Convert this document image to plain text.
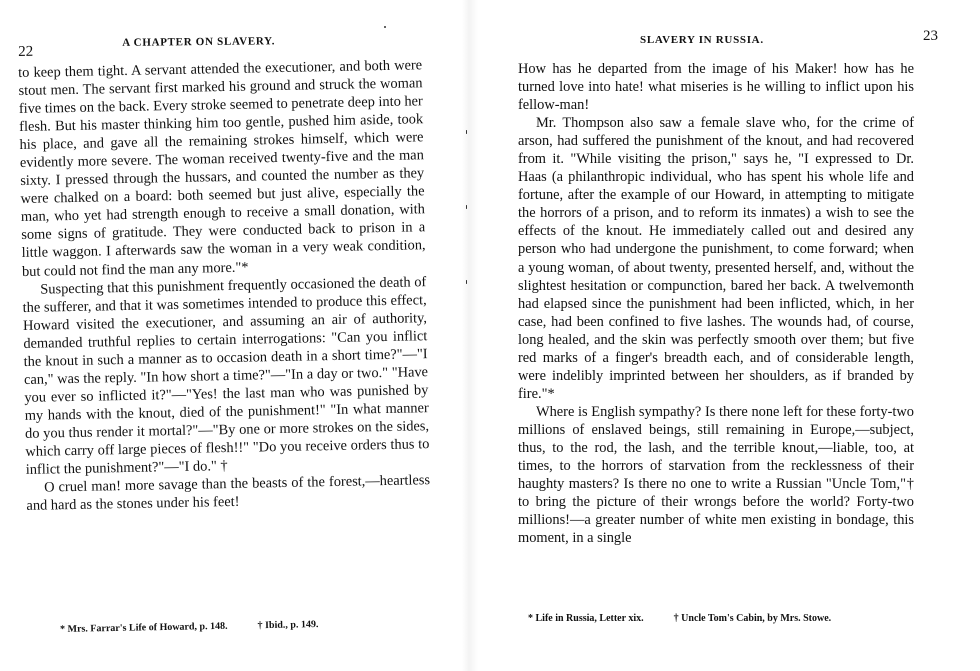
22
A CHAPTER ON SLAVERY.

to keep them tight. A servant attended the executioner, and both were stout men. The servant first marked his ground and struck the woman five times on the back. Every stroke seemed to penetrate deep into her flesh. But his master thinking him too gentle, pushed him aside, took his place, and gave all the remaining strokes himself, which were evidently more severe. The woman received twenty-five and the man sixty. I pressed through the hussars, and counted the number as they were chalked on a board: both seemed but just alive, especially the man, who yet had strength enough to receive a small donation, with some signs of gratitude. They were conducted back to prison in a little waggon. I afterwards saw the woman in a very weak condition, but could not find the man any more."*

Suspecting that this punishment frequently occasioned the death of the sufferer, and that it was sometimes intended to produce this effect, Howard visited the executioner, and assuming an air of authority, demanded truthful replies to certain interrogations: "Can you inflict the knout in such a manner as to occasion death in a short time?"—"I can," was the reply. "In how short a time?"—"In a day or two." "Have you ever so inflicted it?"—"Yes! the last man who was punished by my hands with the knout, died of the punishment!" "In what manner do you thus render it mortal?"—"By one or more strokes on the sides, which carry off large pieces of flesh!!" "Do you receive orders thus to inflict the punishment?"—"I do." †

O cruel man! more savage than the beasts of the forest,—heartless and hard as the stones under his feet!

* Mrs. Farrar's Life of Howard, p. 148.	† Ibid., p. 149.
SLAVERY IN RUSSIA.	23

How has he departed from the image of his Maker! how has he turned love into hate! what miseries is he willing to inflict upon his fellow-man!

Mr. Thompson also saw a female slave who, for the crime of arson, had suffered the punishment of the knout, and had recovered from it. "While visiting the prison," says he, "I expressed to Dr. Haas (a philanthropic individual, who has spent his whole life and fortune, after the example of our Howard, in attempting to mitigate the horrors of a prison, and to reform its inmates) a wish to see the effects of the knout. He immediately called out and desired any person who had undergone the punishment, to come forward; when a young woman, of about twenty, presented herself, and, without the slightest hesitation or compunction, bared her back. A twelvemonth had elapsed since the punishment had been inflicted, which, in her case, had been confined to five lashes. The wounds had, of course, long healed, and the skin was perfectly smooth over them; but five red marks of a finger's breadth each, and of considerable length, were indelibly imprinted between her shoulders, as if branded by fire."*

Where is English sympathy? Is there none left for these forty-two millions of enslaved beings, still remaining in Europe,—subject, thus, to the rod, the lash, and the terrible knout,—liable, too, at times, to the horrors of starvation from the recklessness of their haughty masters? Is there no one to write a Russian "Uncle Tom,"† to bring the picture of their wrongs before the world? Forty-two millions!—a greater number of white men existing in bondage, this moment, in a single

* Life in Russia, Letter xix.	† Uncle Tom's Cabin, by Mrs. Stowe.
